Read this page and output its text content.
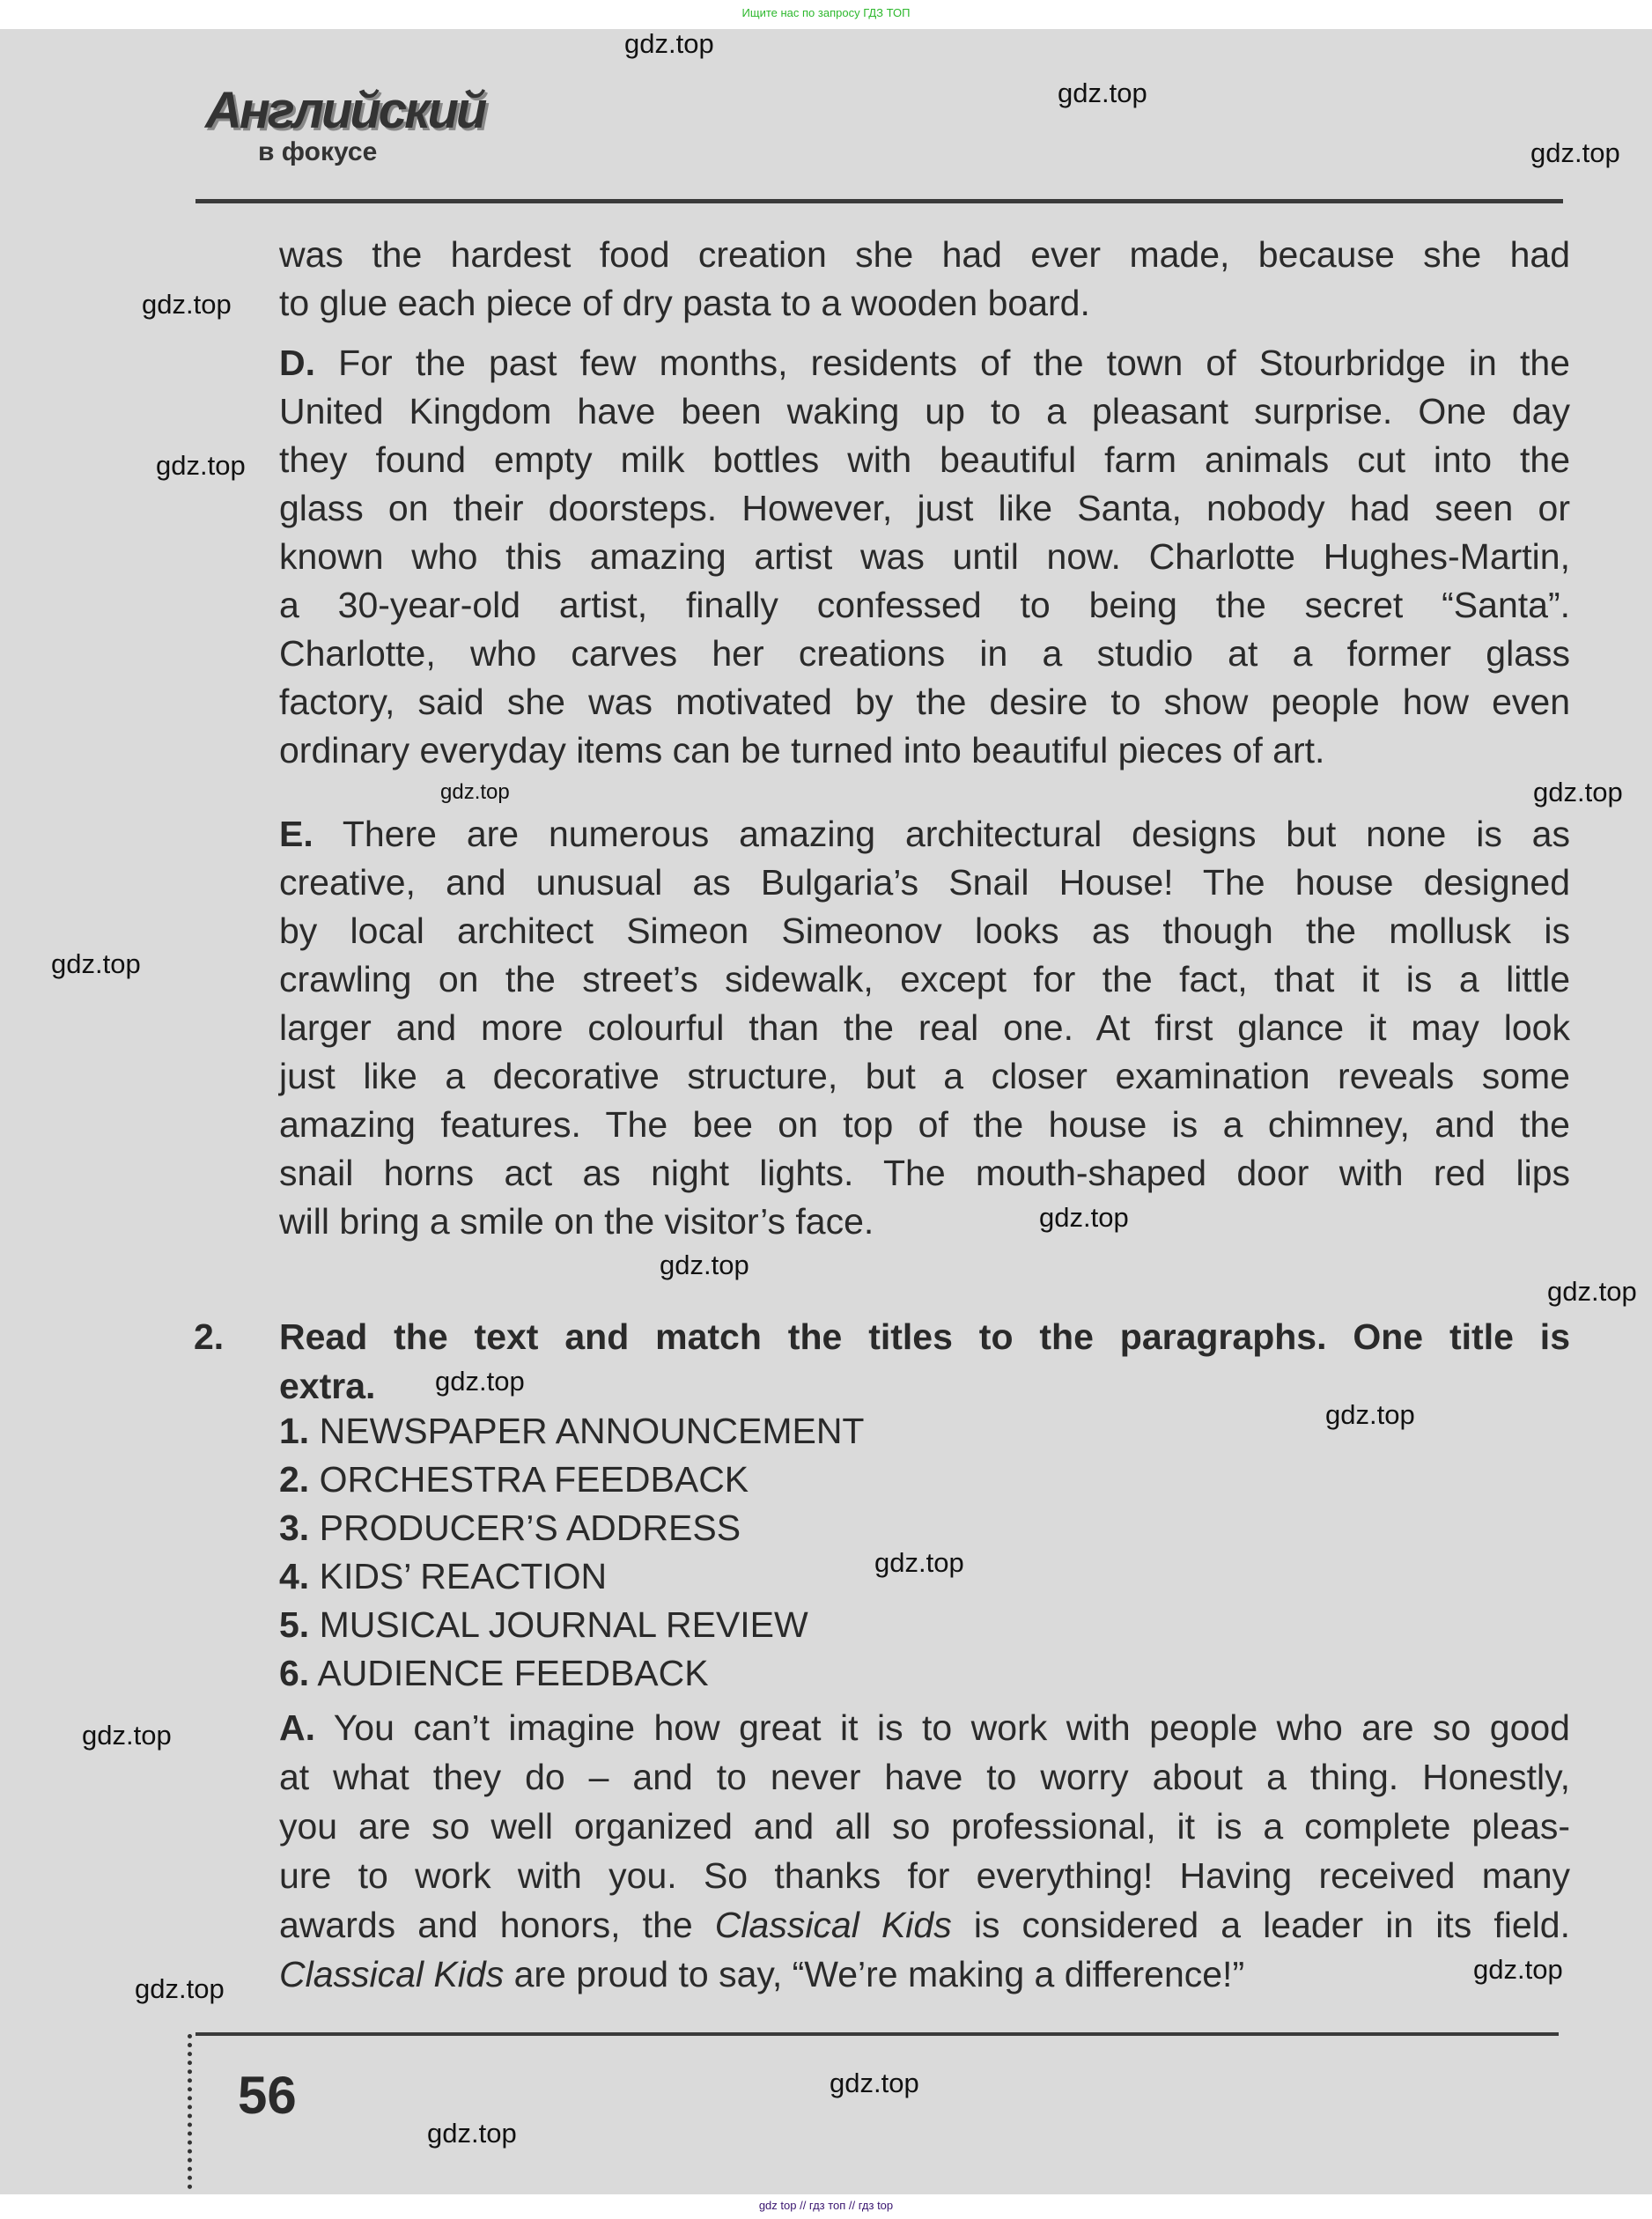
Ищите нас по запросу ГДЗ ТОП
Английский
в фокусе
was the hardest food creation she had ever made, because she had
to glue each piece of dry pasta to a wooden board.
D. For the past few months, residents of the town of Stourbridge in the
United Kingdom have been waking up to a pleasant surprise. One day
they found empty milk bottles with beautiful farm animals cut into the
glass on their doorsteps. However, just like Santa, nobody had seen or
known who this amazing artist was until now. Charlotte Hughes-Martin,
a 30-year-old artist, finally confessed to being the secret “Santa”.
Charlotte, who carves her creations in a studio at a former glass
factory, said she was motivated by the desire to show people how even
ordinary everyday items can be turned into beautiful pieces of art.
E. There are numerous amazing architectural designs but none is as
creative, and unusual as Bulgaria’s Snail House! The house designed
by local architect Simeon Simeonov looks as though the mollusk is
crawling on the street’s sidewalk, except for the fact, that it is a little
larger and more colourful than the real one. At first glance it may look
just like a decorative structure, but a closer examination reveals some
amazing features. The bee on top of the house is a chimney, and the
snail horns act as night lights. The mouth-shaped door with red lips
will bring a smile on the visitor’s face.
2. Read the text and match the titles to the paragraphs. One title is
extra.
1. NEWSPAPER ANNOUNCEMENT
2. ORCHESTRA FEEDBACK
3. PRODUCER’S ADDRESS
4. KIDS’ REACTION
5. MUSICAL JOURNAL REVIEW
6. AUDIENCE FEEDBACK
A. You can’t imagine how great it is to work with people who are so good
at what they do – and to never have to worry about a thing. Honestly,
you are so well organized and all so professional, it is a complete pleas-
ure to work with you. So thanks for everything! Having received many
awards and honors, the Classical Kids is considered a leader in its field.
Classical Kids are proud to say, “We’re making a difference!”
56
gdz.top
gdz.top
gdz.top
gdz.top
gdz.top
gdz.top
gdz.top
gdz.top
gdz.top
gdz.top
gdz.top
gdz.top
gdz.top
gdz.top
gdz.top
gdz.top
gdz.top
gdz.top
gdz.top
gdz top // гдз топ // гдз top
